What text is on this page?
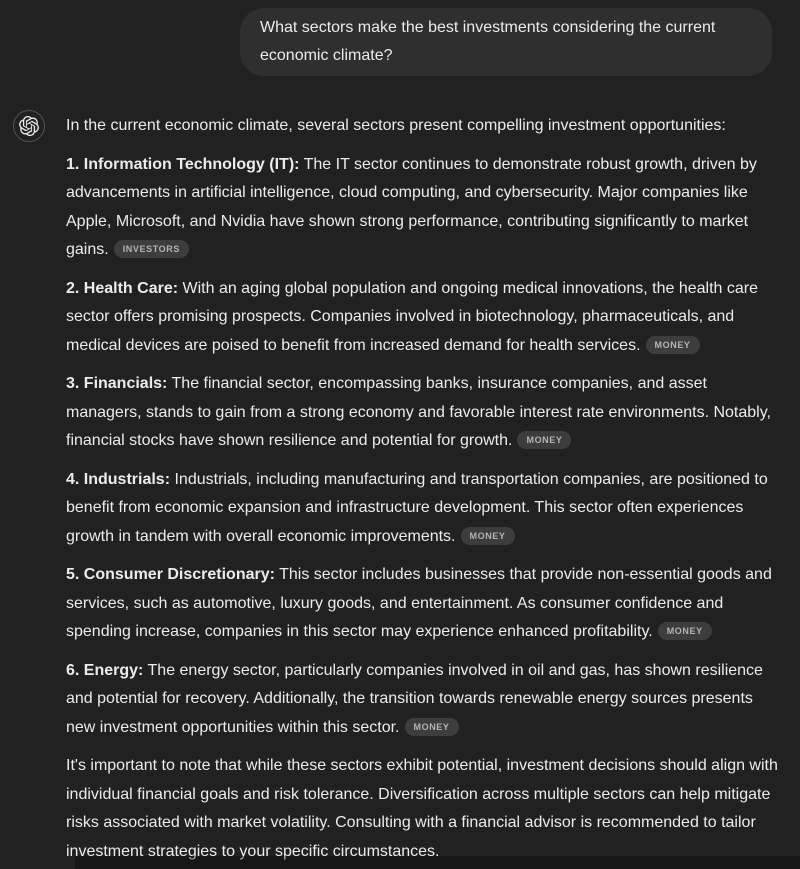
What sectors make the best investments considering the current economic climate?

In the current economic climate, several sectors present compelling investment opportunities:

1. Information Technology (IT): The IT sector continues to demonstrate robust growth, driven by advancements in artificial intelligence, cloud computing, and cybersecurity. Major companies like Apple, Microsoft, and Nvidia have shown strong performance, contributing significantly to market gains. INVESTORS

2. Health Care: With an aging global population and ongoing medical innovations, the health care sector offers promising prospects. Companies involved in biotechnology, pharmaceuticals, and medical devices are poised to benefit from increased demand for health services. MONEY

3. Financials: The financial sector, encompassing banks, insurance companies, and asset managers, stands to gain from a strong economy and favorable interest rate environments. Notably, financial stocks have shown resilience and potential for growth. MONEY

4. Industrials: Industrials, including manufacturing and transportation companies, are positioned to benefit from economic expansion and infrastructure development. This sector often experiences growth in tandem with overall economic improvements. MONEY

5. Consumer Discretionary: This sector includes businesses that provide non-essential goods and services, such as automotive, luxury goods, and entertainment. As consumer confidence and spending increase, companies in this sector may experience enhanced profitability. MONEY

6. Energy: The energy sector, particularly companies involved in oil and gas, has shown resilience and potential for recovery. Additionally, the transition towards renewable energy sources presents new investment opportunities within this sector. MONEY

It's important to note that while these sectors exhibit potential, investment decisions should align with individual financial goals and risk tolerance. Diversification across multiple sectors can help mitigate risks associated with market volatility. Consulting with a financial advisor is recommended to tailor investment strategies to your specific circumstances.
